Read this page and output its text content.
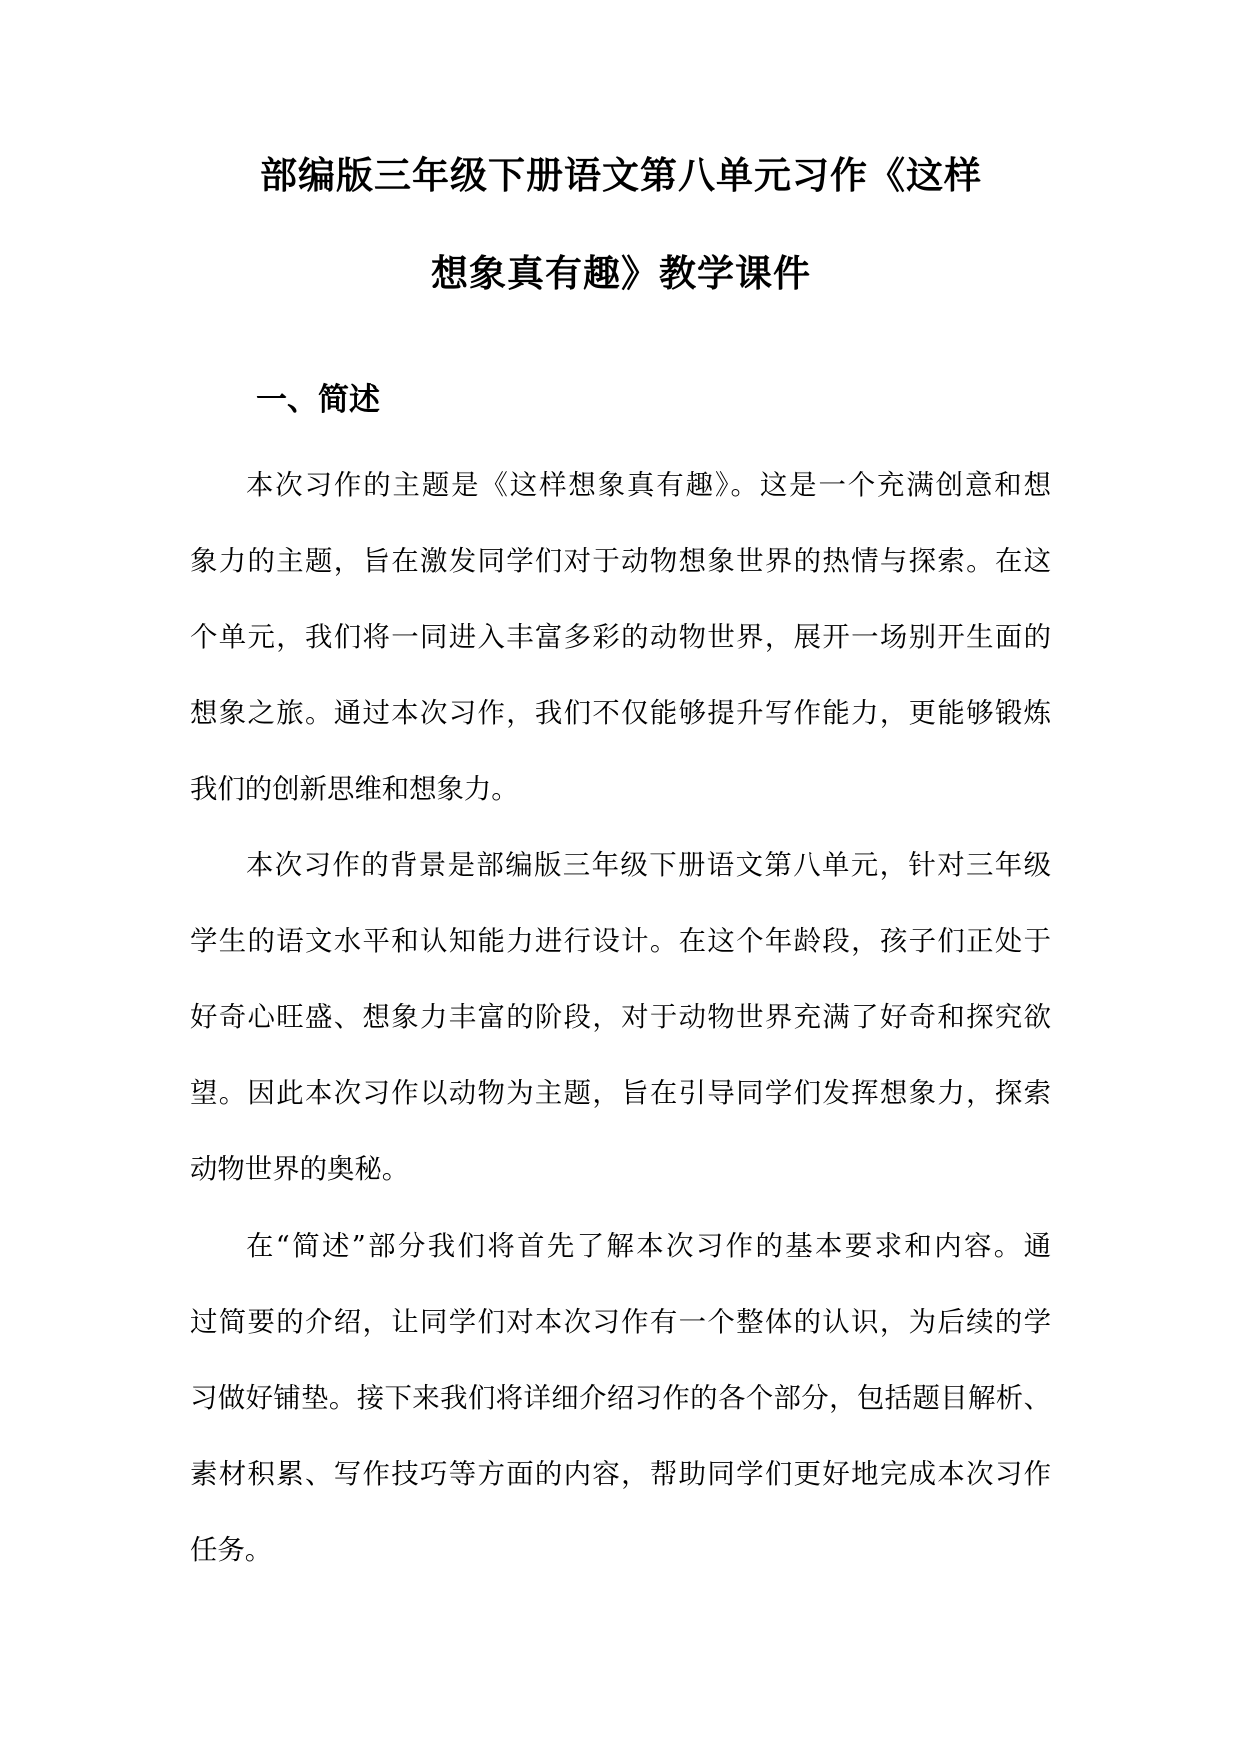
部编版三年级下册语文第八单元习作《这样
想象真有趣》教学课件
一、简述
本次习作的主题是《这样想象真有趣》。这是一个充满创意和想
象力的主题，旨在激发同学们对于动物想象世界的热情与探索。在这
个单元，我们将一同进入丰富多彩的动物世界，展开一场别开生面的
想象之旅。通过本次习作，我们不仅能够提升写作能力，更能够锻炼
我们的创新思维和想象力。
本次习作的背景是部编版三年级下册语文第八单元，针对三年级
学生的语文水平和认知能力进行设计。在这个年龄段，孩子们正处于
好奇心旺盛、想象力丰富的阶段，对于动物世界充满了好奇和探究欲
望。因此本次习作以动物为主题，旨在引导同学们发挥想象力，探索
动物世界的奥秘。
在“简述”部分我们将首先了解本次习作的基本要求和内容。通
过简要的介绍，让同学们对本次习作有一个整体的认识，为后续的学
习做好铺垫。接下来我们将详细介绍习作的各个部分，包括题目解析、
素材积累、写作技巧等方面的内容，帮助同学们更好地完成本次习作
任务。
